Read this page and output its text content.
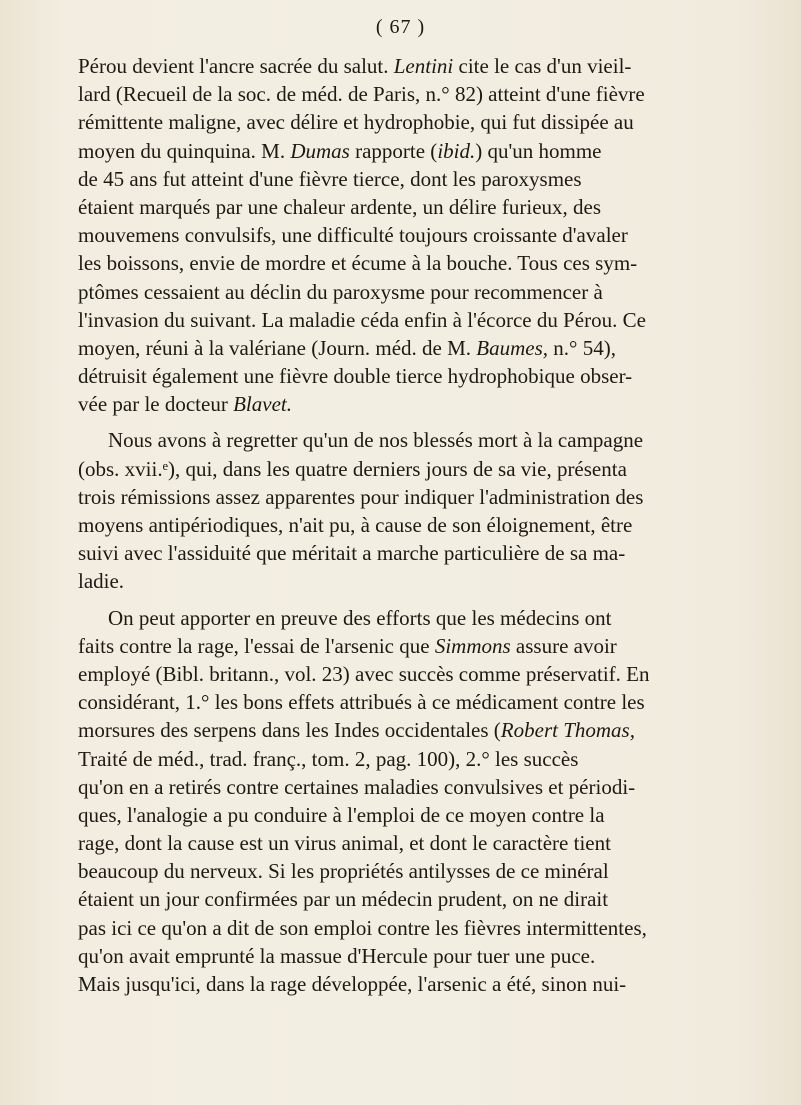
( 67 )
Pérou devient l'ancre sacrée du salut. Lentini cite le cas d'un vieil-
lard (Recueil de la soc. de méd. de Paris, n.° 82) atteint d'une fièvre
rémittente maligne, avec délire et hydrophobie, qui fut dissipée au
moyen du quinquina. M. Dumas rapporte (ibid.) qu'un homme
de 45 ans fut atteint d'une fièvre tierce, dont les paroxysmes
étaient marqués par une chaleur ardente, un délire furieux, des
mouvemens convulsifs, une difficulté toujours croissante d'avaler
les boissons, envie de mordre et écume à la bouche. Tous ces sym-
ptômes cessaient au déclin du paroxysme pour recommencer à
l'invasion du suivant. La maladie céda enfin à l'écorce du Pérou. Ce
moyen, réuni à la valériane (Journ. méd. de M. Baumes, n.° 54),
détruisit également une fièvre double tierce hydrophobique obser-
vée par le docteur Blavet.
Nous avons à regretter qu'un de nos blessés mort à la campagne
(obs. xvii.ᵉ), qui, dans les quatre derniers jours de sa vie, présenta
trois rémissions assez apparentes pour indiquer l'administration des
moyens antipériodiques, n'ait pu, à cause de son éloignement, être
suivi avec l'assiduité que méritait a marche particulière de sa ma-
ladie.
On peut apporter en preuve des efforts que les médecins ont
faits contre la rage, l'essai de l'arsenic que Simmons assure avoir
employé (Bibl. britann., vol. 23) avec succès comme préservatif. En
considérant, 1.° les bons effets attribués à ce médicament contre les
morsures des serpens dans les Indes occidentales (Robert Thomas,
Traité de méd., trad. franç., tom. 2, pag. 100), 2.° les succès
qu'on en a retirés contre certaines maladies convulsives et périodi-
ques, l'analogie a pu conduire à l'emploi de ce moyen contre la
rage, dont la cause est un virus animal, et dont le caractère tient
beaucoup du nerveux. Si les propriétés antilysses de ce minéral
étaient un jour confirmées par un médecin prudent, on ne dirait
pas ici ce qu'on a dit de son emploi contre les fièvres intermittentes,
qu'on avait emprunté la massue d'Hercule pour tuer une puce.
Mais jusqu'ici, dans la rage développée, l'arsenic a été, sinon nui-
